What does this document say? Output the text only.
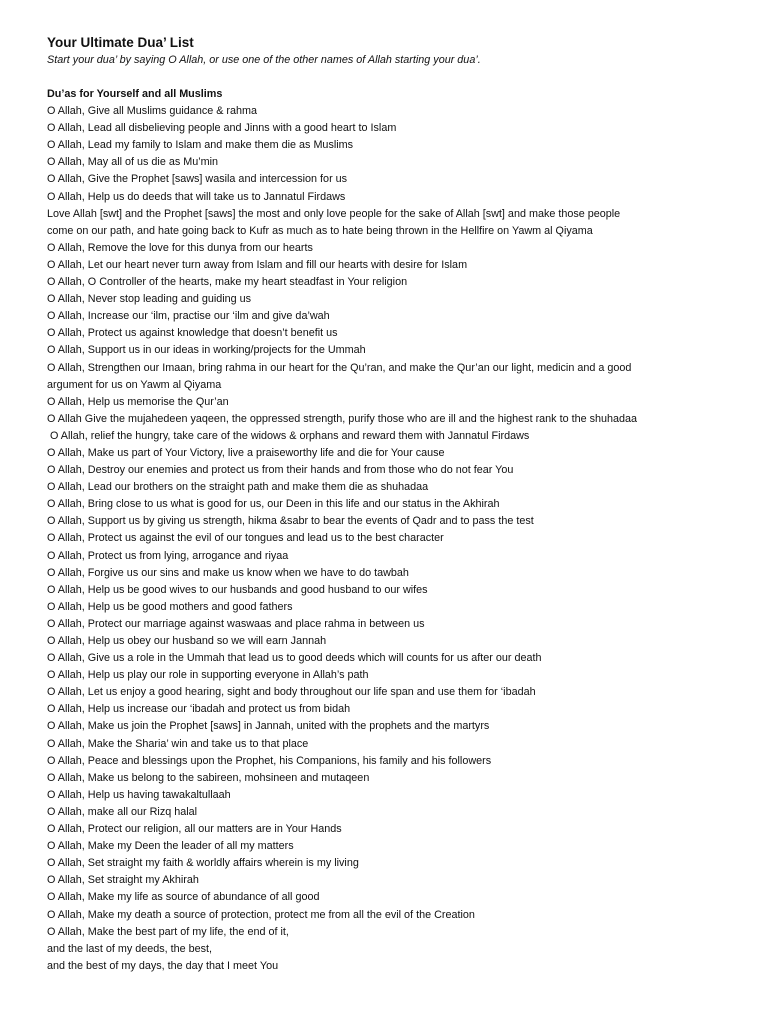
Your Ultimate Dua’ List

Start your dua’ by saying O Allah, or use one of the other names of Allah starting your dua’.

Du’as for Yourself and all Muslims
O Allah, Give all Muslims guidance & rahma
O Allah, Lead all disbelieving people and Jinns with a good heart to Islam
O Allah, Lead my family to Islam and make them die as Muslims
O Allah, May all of us die as Mu’min
O Allah, Give the Prophet [saws] wasila and intercession for us
O Allah, Help us do deeds that will take us to Jannatul Firdaws
Love Allah [swt] and the Prophet [saws] the most and only love people for the sake of Allah [swt] and make those people
come on our path, and hate going back to Kufr as much as to hate being thrown in the Hellfire on Yawm al Qiyama
O Allah, Remove the love for this dunya from our hearts
O Allah, Let our heart never turn away from Islam and fill our hearts with desire for Islam
O Allah, O Controller of the hearts, make my heart steadfast in Your religion
O Allah, Never stop leading and guiding us
O Allah, Increase our ‘ilm, practise our ‘ilm and give da’wah
O Allah, Protect us against knowledge that doesn’t benefit us
O Allah, Support us in our ideas in working/projects for the Ummah
O Allah, Strengthen our Imaan, bring rahma in our heart for the Qu’ran, and make the Qur’an our light, medicin and a good
argument for us on Yawm al Qiyama
O Allah, Help us memorise the Qur’an
O Allah Give the mujahedeen yaqeen, the oppressed strength, purify those who are ill and the highest rank to the shuhadaa
O Allah, relief the hungry, take care of the widows & orphans and reward them with Jannatul Firdaws
O Allah, Make us part of Your Victory, live a praiseworthy life and die for Your cause
O Allah, Destroy our enemies and protect us from their hands and from those who do not fear You
O Allah, Lead our brothers on the straight path and make them die as shuhadaa
O Allah, Bring close to us what is good for us, our Deen in this life and our status in the Akhirah
O Allah, Support us by giving us strength, hikma &sabr to bear the events of Qadr and to pass the test
O Allah, Protect us against the evil of our tongues and lead us to the best character
O Allah, Protect us from lying, arrogance and riyaa
O Allah, Forgive us our sins and make us know when we have to do tawbah
O Allah, Help us be good wives to our husbands and good husband to our wifes
O Allah, Help us be good mothers and good fathers
O Allah, Protect our marriage against waswaas and place rahma in between us
O Allah, Help us obey our husband so we will earn Jannah
O Allah, Give us a role in the Ummah that lead us to good deeds which will counts for us after our death
O Allah, Help us play our role in supporting everyone in Allah’s path
O Allah, Let us enjoy a good hearing, sight and body throughout our life span and use them for ‘ibadah
O Allah, Help us increase our ‘ibadah and protect us from bidah
O Allah, Make us join the Prophet [saws] in Jannah, united with the prophets and the martyrs
O Allah, Make the Sharia’ win and take us to that place
O Allah, Peace and blessings upon the Prophet, his Companions, his family and his followers
O Allah, Make us belong to the sabireen, mohsineen and mutaqeen
O Allah, Help us having tawakaltullaah
O Allah, make all our Rizq halal
O Allah, Protect our religion, all our matters are in Your Hands
O Allah, Make my Deen the leader of all my matters
O Allah, Set straight my faith & worldly affairs wherein is my living
O Allah, Set straight my Akhirah
O Allah, Make my life as source of abundance of all good
O Allah, Make my death a source of protection, protect me from all the evil of the Creation
O Allah, Make the best part of my life, the end of it,
and the last of my deeds, the best,
and the best of my days, the day that I meet You
